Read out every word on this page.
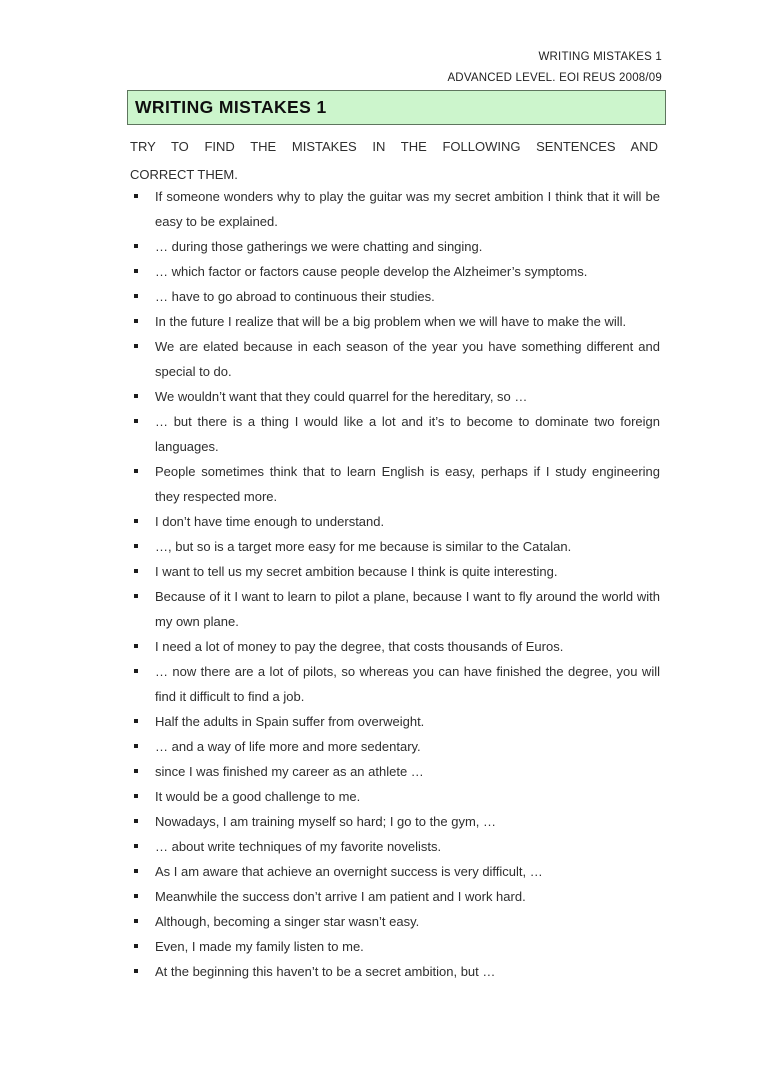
WRITING MISTAKES 1
ADVANCED LEVEL. EOI REUS 2008/09
WRITING MISTAKES 1
TRY TO FIND THE MISTAKES IN THE FOLLOWING SENTENCES AND
CORRECT THEM.
If someone wonders why to play the guitar was my secret ambition I think that it will be easy to be explained.
… during those gatherings we were chatting and singing.
… which factor or factors cause people develop the Alzheimer’s symptoms.
… have to go abroad to continuous their studies.
In the future I realize that will be a big problem when we will have to make the will.
We are elated because in each season of the year you have something different and special to do.
We wouldn’t want that they could quarrel for the hereditary, so …
… but there is a thing I would like a lot and it’s to become to dominate two foreign languages.
People sometimes think that to learn English is easy, perhaps if I study engineering they respected more.
I don’t have time enough to understand.
…, but so is a target more easy for me because is similar to the Catalan.
I want to tell us my secret ambition because I think is quite interesting.
Because of it I want to learn to pilot a plane, because I want to fly around the world with my own plane.
I need a lot of money to pay the degree, that costs thousands of Euros.
… now there are a lot of pilots, so whereas you can have finished the degree, you will find it difficult to find a job.
Half the adults in Spain suffer from overweight.
… and a way of life more and more sedentary.
since I was finished my career as an athlete …
It would be a good challenge to me.
Nowadays, I am training myself so hard; I go to the gym, …
… about write techniques of my favorite novelists.
As I am aware that achieve an overnight success is very difficult, …
Meanwhile the success don’t arrive I am patient and I work hard.
Although, becoming a singer star wasn’t easy.
Even, I made my family listen to me.
At the beginning this haven’t to be a secret ambition, but …
